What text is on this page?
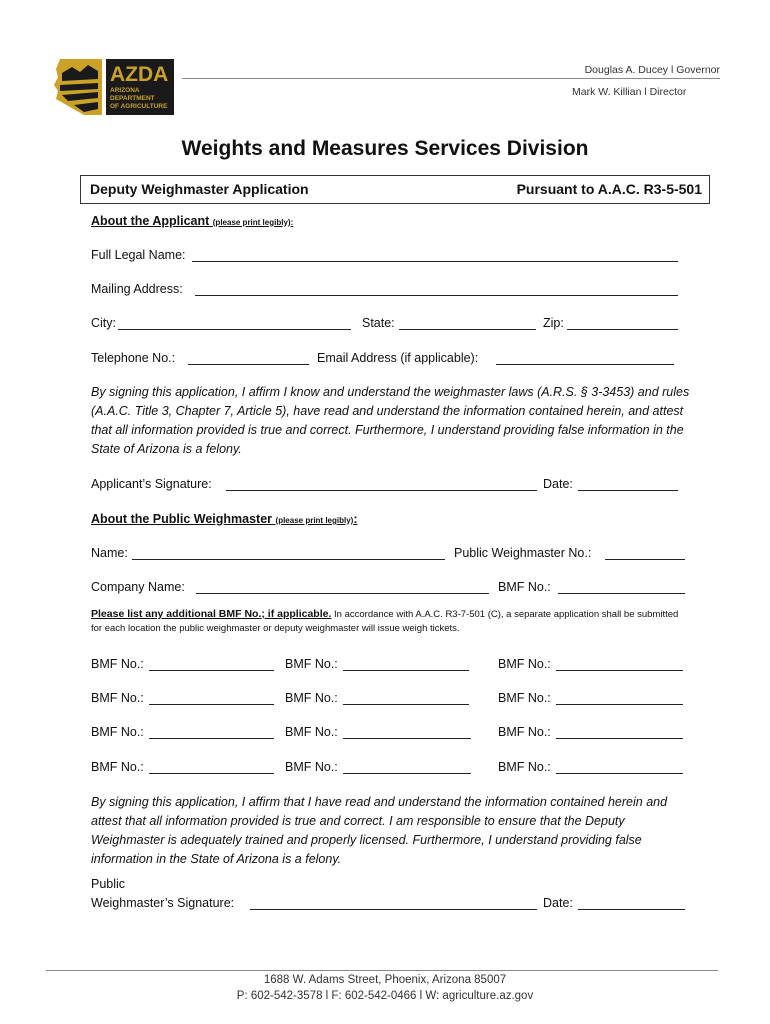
AZDA
ARIZONA
DEPARTMENT
OF AGRICULTURE
Douglas A. Ducey l Governor
Mark W. Killian l Director
Weights and Measures Services Division
Deputy Weighmaster Application	Pursuant to A.A.C. R3-5-501
About the Applicant (please print legibly):
Full Legal Name:
Mailing Address:
City:	State:	Zip:
Telephone No.:	Email Address (if applicable):
By signing this application, I affirm I know and understand the weighmaster laws (A.R.S. § 3-3453) and rules (A.A.C. Title 3, Chapter 7, Article 5), have read and understand the information contained herein, and attest that all information provided is true and correct. Furthermore, I understand providing false information in the State of Arizona is a felony.
Applicant’s Signature:	Date:
About the Public Weighmaster (please print legibly):
Name:	Public Weighmaster No.:
Company Name:	BMF No.:
Please list any additional BMF No.; if applicable. In accordance with A.A.C. R3-7-501 (C), a separate application shall be submitted for each location the public weighmaster or deputy weighmaster will issue weigh tickets.
BMF No.:	BMF No.:	BMF No.:
BMF No.:	BMF No.:	BMF No.:
BMF No.:	BMF No.:	BMF No.:
BMF No.:	BMF No.:	BMF No.:
By signing this application, I affirm that I have read and understand the information contained herein and attest that all information provided is true and correct. I am responsible to ensure that the Deputy Weighmaster is adequately trained and properly licensed. Furthermore, I understand providing false information in the State of Arizona is a felony.
Public
Weighmaster’s Signature:	Date:
1688 W. Adams Street, Phoenix, Arizona 85007
P: 602-542-3578 l F: 602-542-0466 l W: agriculture.az.gov
